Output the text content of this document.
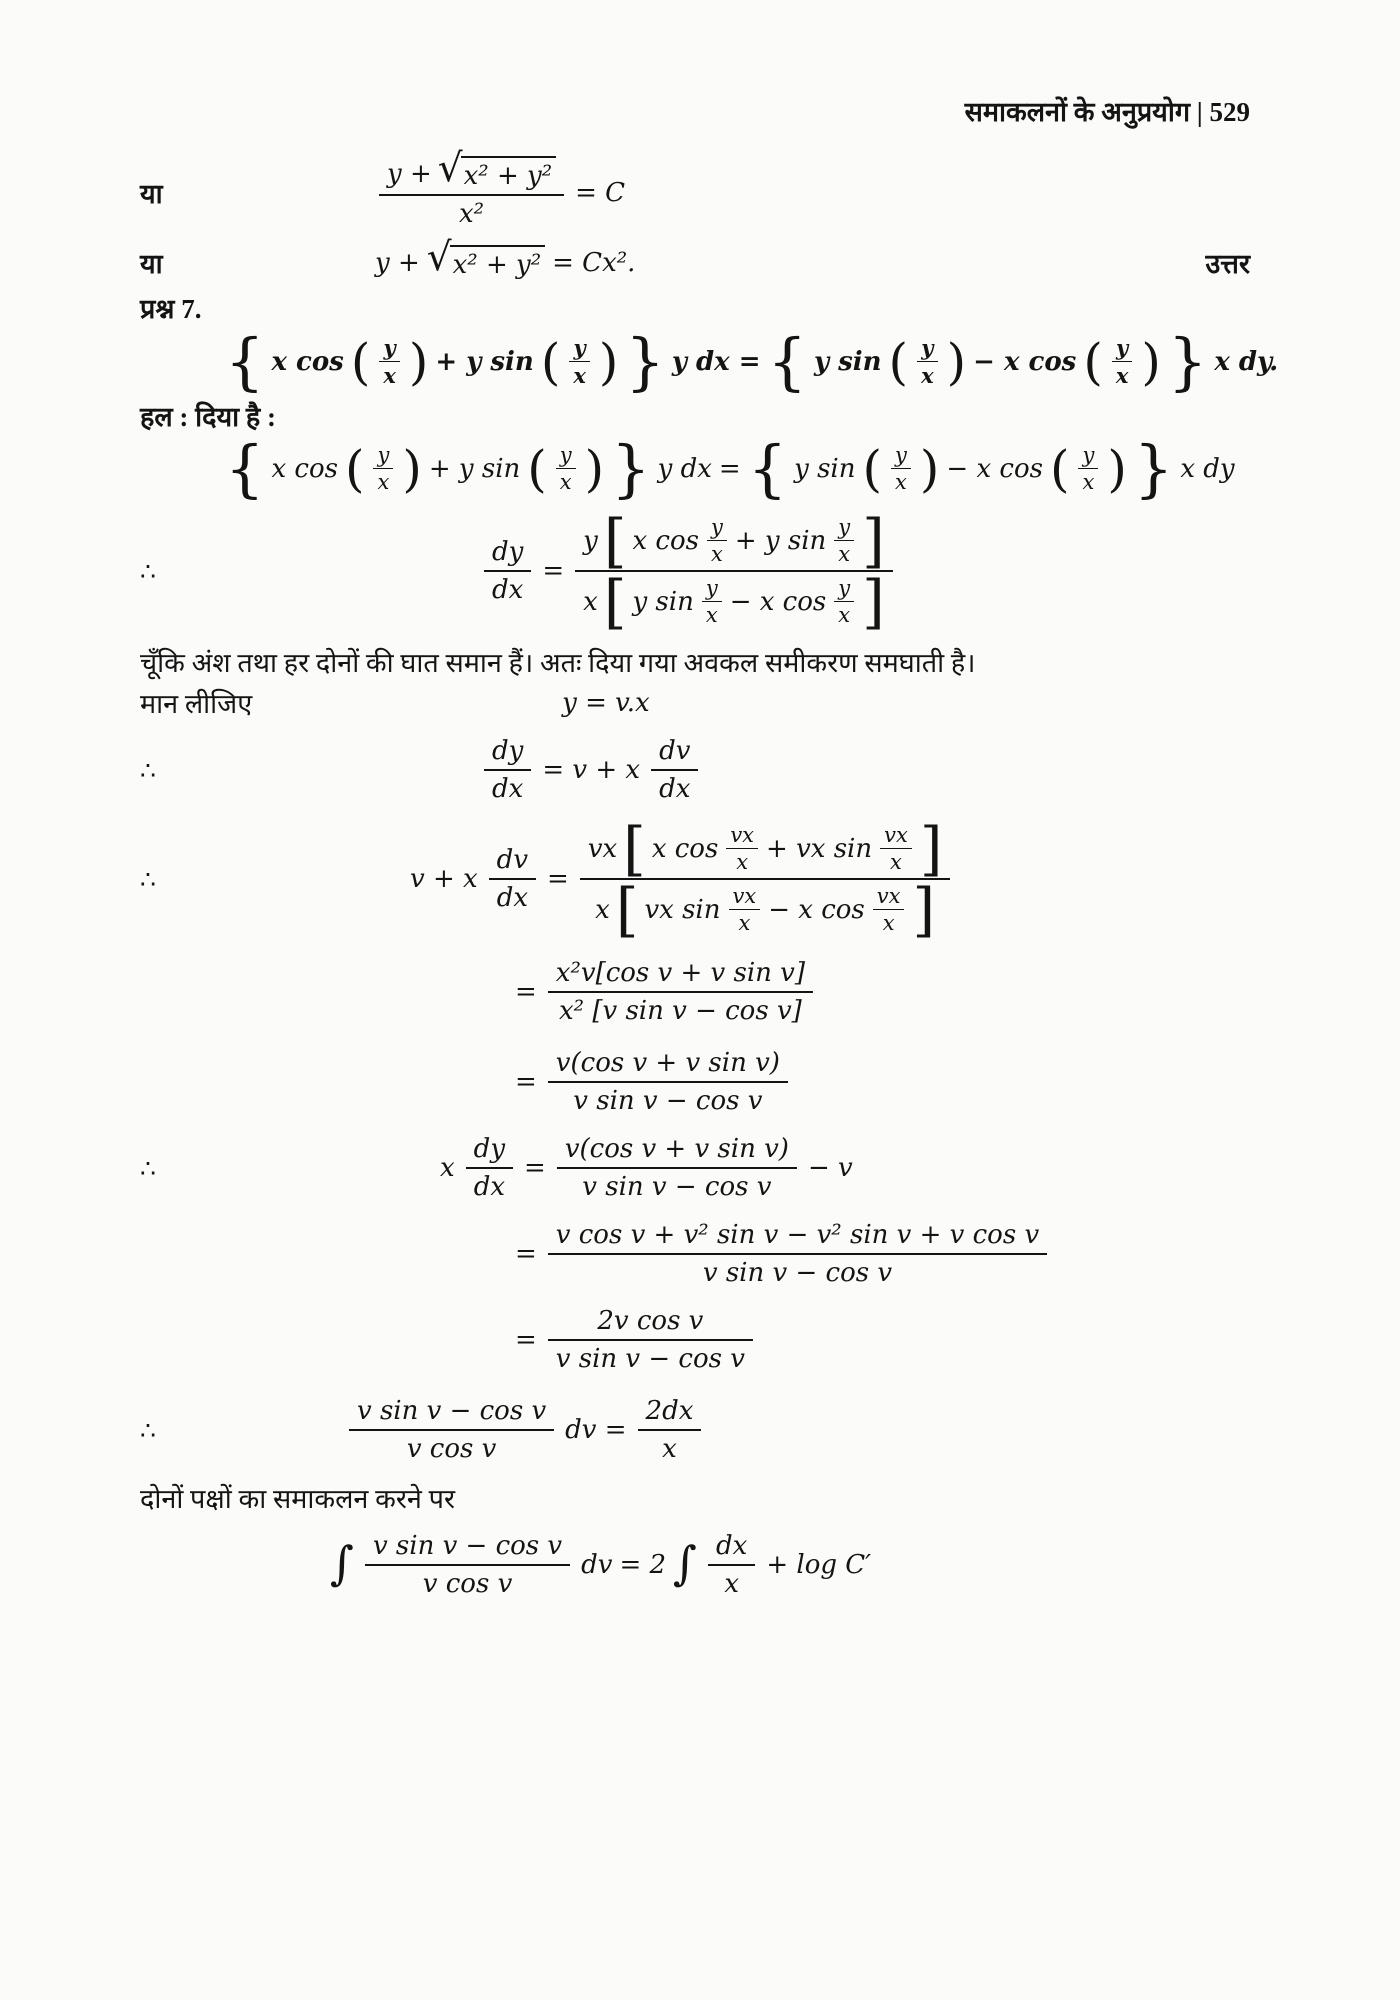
समाकलनों के अनुप्रयोग | 529
या	$\frac{\text{y + √ x² + y²}}{\text{x²}} = C$
या	y + √ x² + y² = Cx².	उत्तर
प्रश्न 7.
{ x cos ( $\frac{y}{x}$ ) + y sin ( $\frac{y}{x}$ ) } y dx = { y sin ( $\frac{y}{x}$ ) − x cos ( $\frac{y}{x}$ ) } x dy.
हल : दिया है :
{ x cos ( $\frac{y}{x}$ ) + y sin ( $\frac{y}{x}$ ) } y dx = { y sin ( $\frac{y}{x}$ ) − x cos ( $\frac{y}{x}$ ) } x dy
∴	$\frac{dy}{dx}$ =
y [ x $\cos \frac{y}{x} + y$ $\sin \frac{y}{x}$ ]
x [ y $\sin \frac{y}{x} - x$ $\cos \frac{y}{x}$ ]
चूँकि अंश तथा हर दोनों की घात समान हैं। अतः दिया गया अवकल समीकरण समघाती है।
मान लीजिए	y = v.x
∴	$\frac{dy}{dx} = v + x \frac{dv}{dx}$
∴	v + x $\frac{dv}{dx}$ =
vx [ x $\cos \frac{vx}{x}$ + vx $\sin \frac{vx}{x}$ ]
x [ vx $\sin \frac{vx}{x} - x$ $\cos \frac{vx}{x}$ ]
= $\frac{\text{x²v[cos v + v sin v]}}{\text{x² [v sin v − cos v]}}$
= $\frac{\text{v(cos v + v sin v)}}{\text{v sin v − cos v}}$
∴	x $\frac{dy}{dx} = \frac{\text{v(cos v + v sin v)}}{\text{v sin v − cos v}} - v$
= $\frac{\text{v cos v + v² sin v − v² sin v + v cos v}}{\text{v sin v − cos v}}$
= $\frac{\text{2v cos v}}{\text{v sin v − cos v}}$
∴	$\frac{\text{v sin v − cos v}}{\text{v cos v}}$ dv = $\frac{2dx}{x}$
दोनों पक्षों का समाकलन करने पर
∫ $\frac{\text{v sin v − cos v}}{\text{v cos v}}$ dv = 2 ∫ $\frac{dx}{x} + \log C'$
